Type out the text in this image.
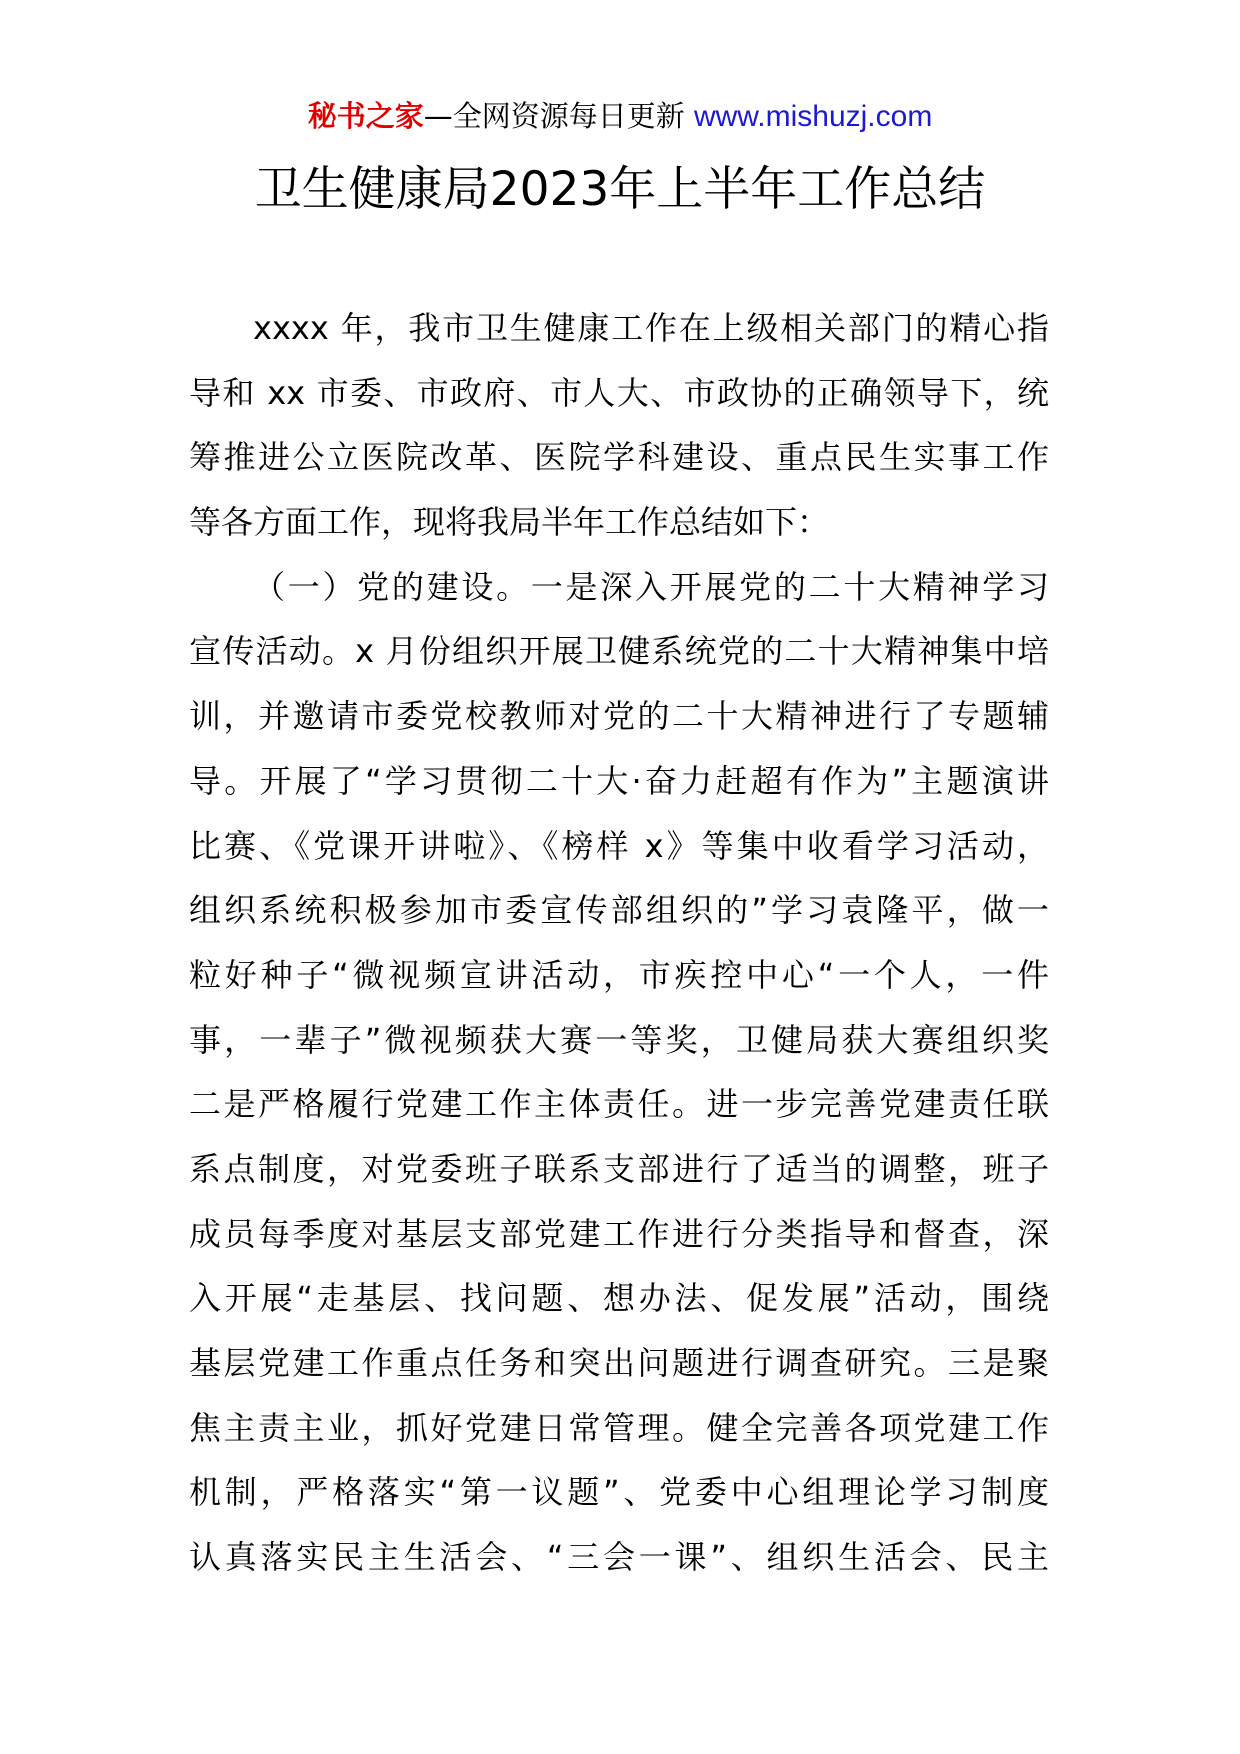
秘书之家—全网资源每日更新 www.mishuzj.com
卫生健康局2023年上半年工作总结
xxxx 年，我市卫生健康工作在上级相关部门的精心指
导和 xx 市委、市政府、市人大、市政协的正确领导下，统
筹推进公立医院改革、医院学科建设、重点民生实事工作
等各方面工作，现将我局半年工作总结如下：
（一）党的建设。一是深入开展党的二十大精神学习
宣传活动。x 月份组织开展卫健系统党的二十大精神集中培
训，并邀请市委党校教师对党的二十大精神进行了专题辅
导。开展了“学习贯彻二十大·奋力赶超有作为”主题演讲
比赛、《党课开讲啦》、《榜样 x》等集中收看学习活动，
组织系统积极参加市委宣传部组织的”学习袁隆平，做一
粒好种子“微视频宣讲活动，市疾控中心“一个人，一件
事，一辈子”微视频获大赛一等奖，卫健局获大赛组织奖
二是严格履行党建工作主体责任。进一步完善党建责任联
系点制度，对党委班子联系支部进行了适当的调整，班子
成员每季度对基层支部党建工作进行分类指导和督查，深
入开展“走基层、找问题、想办法、促发展”活动，围绕
基层党建工作重点任务和突出问题进行调查研究。三是聚
焦主责主业，抓好党建日常管理。健全完善各项党建工作
机制，严格落实“第一议题”、党委中心组理论学习制度
认真落实民主生活会、“三会一课”、组织生活会、民主
